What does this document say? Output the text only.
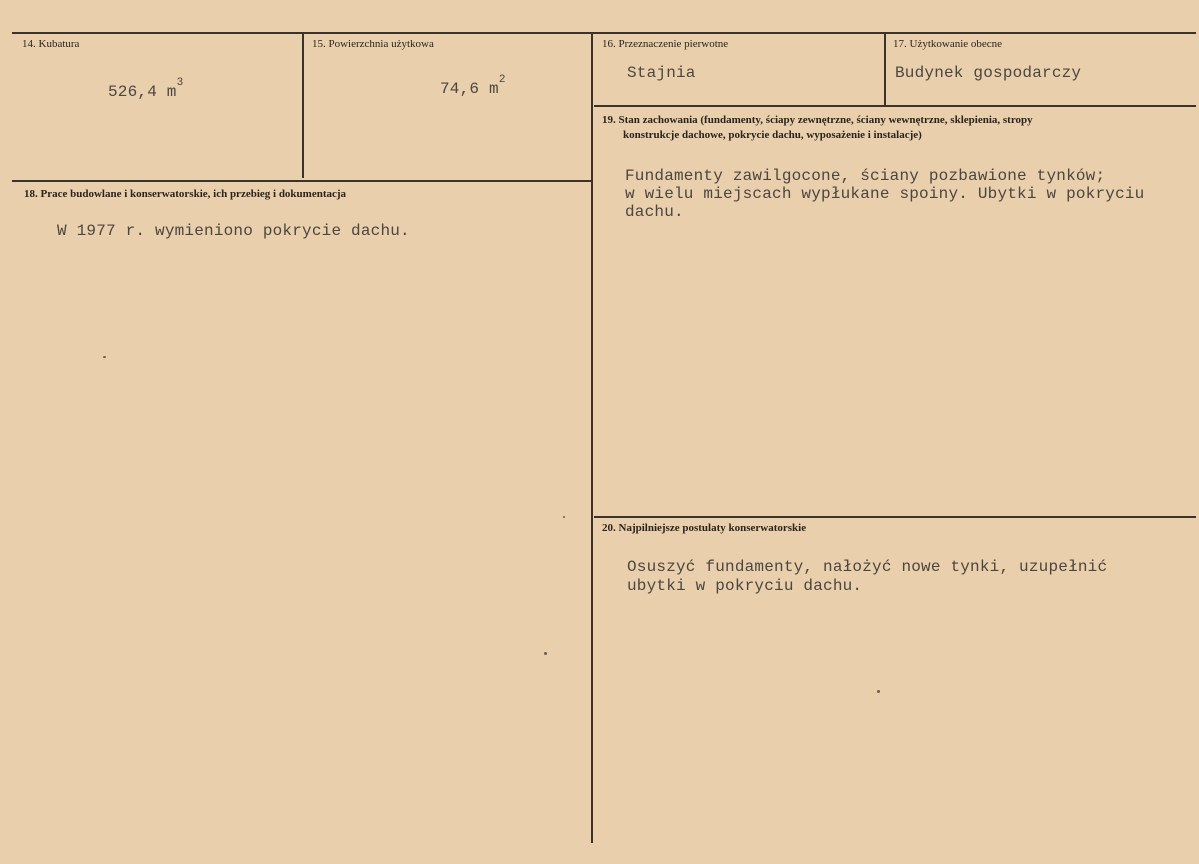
14. Kubatura
526,4 $m^3$
15. Powierzchnia użytkowa
74,6 $m^2$
16. Przeznaczenie pierwotne
Stajnia
17. Użytkowanie obecne
Budynek gospodarczy
18. Prace budowlane i konserwatorskie, ich przebieg i dokumentacja
W 1977 r. wymieniono pokrycie dachu.
19. Stan zachowania (fundamenty, ściapy zewnętrzne, ściany wewnętrzne, sklepienia, stropy
konstrukcje dachowe, pokrycie dachu, wyposażenie i instalacje)
Fundamenty zawilgocone, ściany pozbawione tynków;
w wielu miejscach wypłukane spoiny. Ubytki w pokryciu
dachu.
20. Najpilniejsze postulaty konserwatorskie
Osuszyć fundamenty, nałożyć nowe tynki, uzupełnić
ubytki w pokryciu dachu.
